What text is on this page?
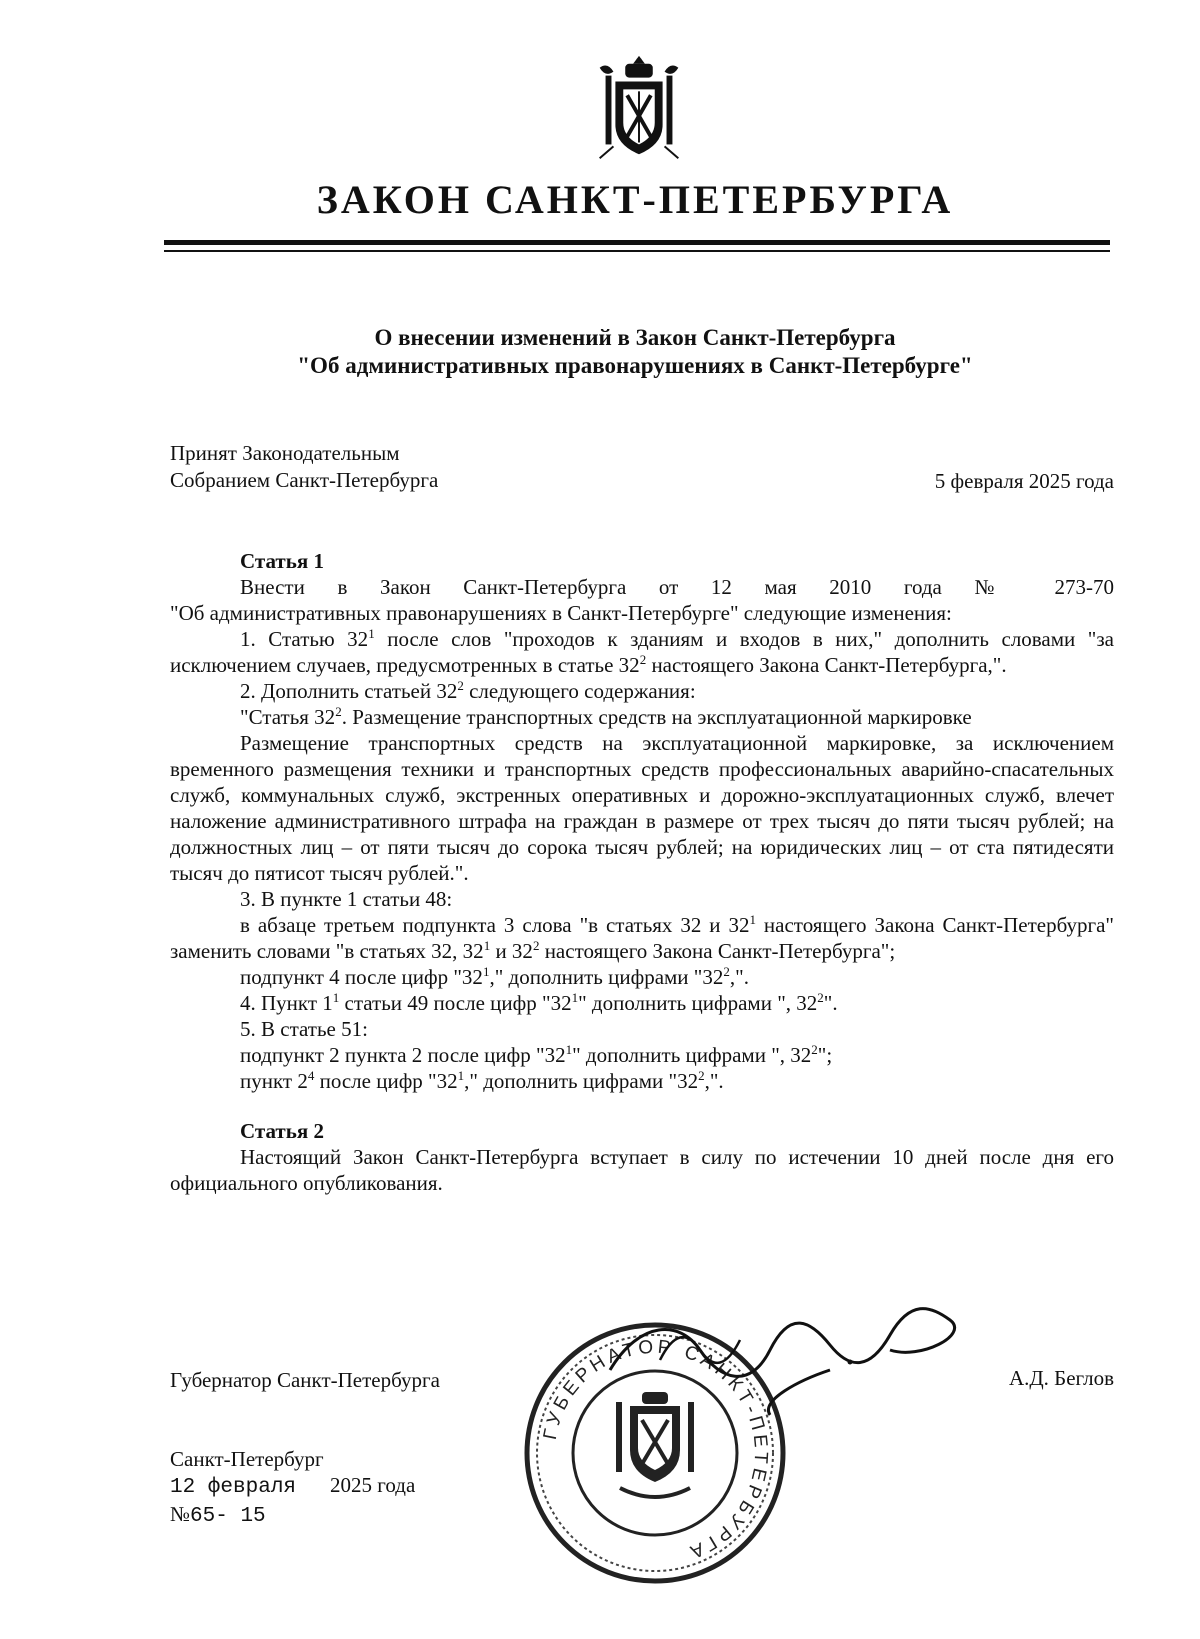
ЗАКОН САНКТ-ПЕТЕРБУРГА
О внесении изменений в Закон Санкт-Петербурга
"Об административных правонарушениях в Санкт-Петербурге"
Принят Законодательным
Собранием Санкт-Петербурга	5 февраля 2025 года

Статья 1

Внести в Закон Санкт-Петербурга от 12 мая 2010 года № 273-70

"Об административных правонарушениях в Санкт-Петербурге" следующие изменения:

1. Статью $32^1$ после слов "проходов к зданиям и входов в них," дополнить словами "за исключением случаев, предусмотренных в статье $32^2$ настоящего Закона Санкт-Петербурга,".

2. Дополнить статьей $32^2$ следующего содержания:

"Статья $32^2$. Размещение транспортных средств на эксплуатационной маркировке

Размещение транспортных средств на эксплуатационной маркировке, за исключением временного размещения техники и транспортных средств профессиональных аварийно-спасательных служб, коммунальных служб, экстренных оперативных и дорожно-эксплуатационных служб, влечет наложение административного штрафа на граждан в размере от трех тысяч до пяти тысяч рублей; на должностных лиц – от пяти тысяч до сорока тысяч рублей; на юридических лиц – от ста пятидесяти тысяч до пятисот тысяч рублей.".

3. В пункте 1 статьи 48:

в абзаце третьем подпункта 3 слова "в статьях 32 и $32^1$ настоящего Закона Санкт-Петербурга" заменить словами "в статьях 32, $32^1$ и $32^2$ настоящего Закона Санкт-Петербурга";

подпункт 4 после цифр "$32^1$," дополнить цифрами "$32^2$,".

4. Пункт $1^1$ статьи 49 после цифр "$32^1$" дополнить цифрами ", $32^2$".

5. В статье 51:

подпункт 2 пункта 2 после цифр "$32^1$" дополнить цифрами ", $32^2$";

пункт $2^4$ после цифр "$32^1$," дополнить цифрами "$32^2$,".

Статья 2

Настоящий Закон Санкт-Петербурга вступает в силу по истечении 10 дней после дня его официального опубликования.

Губернатор Санкт-Петербурга	А.Д. Беглов
Санкт-Петербург
12 февраля 2025 года
№65- 15
ГУБЕРНАТОР САНКТ-ПЕТЕРБУРГА
